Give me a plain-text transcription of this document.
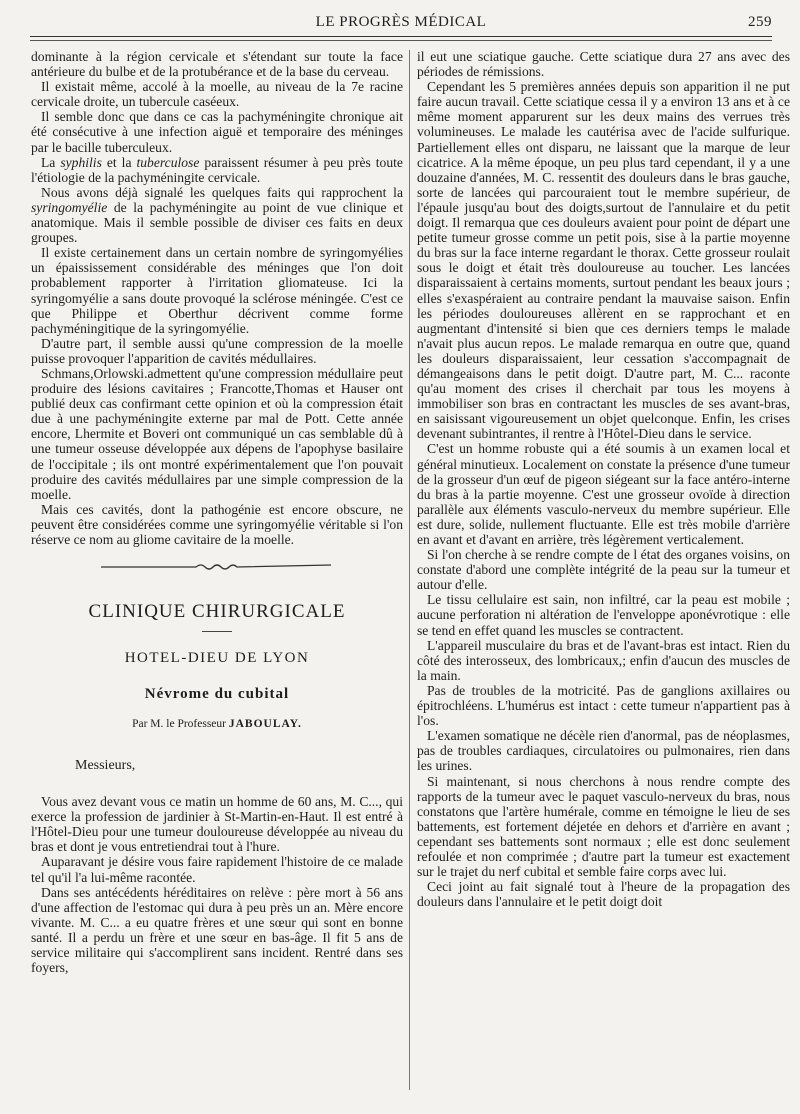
LE PROGRÈS MÉDICAL	259

dominante à la région cervicale et s'étendant sur toute la face antérieure du bulbe et de la protubérance et de la base du cerveau.

Il existait même, accolé à la moelle, au niveau de la 7e racine cervicale droite, un tubercule caséeux.

Il semble donc que dans ce cas la pachyméningite chronique ait été consécutive à une infection aiguë et temporaire des méninges par le bacille tuberculeux.

La syphilis et la tuberculose paraissent résumer à peu près toute l'étiologie de la pachyméningite cervicale.

Nous avons déjà signalé les quelques faits qui rapprochent la syringomyélie de la pachyméningite au point de vue clinique et anatomique. Mais il semble possible de diviser ces faits en deux groupes.

Il existe certainement dans un certain nombre de syringomyélies un épaississement considérable des méninges que l'on doit probablement rapporter à l'irritation gliomateuse. Ici la syringomyélie a sans doute provoqué la sclérose méningée. C'est ce que Philippe et Oberthur décrivent comme forme pachyméningitique de la syringomyélie.

D'autre part, il semble aussi qu'une compression de la moelle puisse provoquer l'apparition de cavités médullaires.

Schmans,Orlowski.admettent qu'une compression médullaire peut produire des lésions cavitaires ; Francotte,Thomas et Hauser ont publié deux cas confirmant cette opinion et où la compression était due à une pachyméningite externe par mal de Pott. Cette année encore, Lhermite et Boveri ont communiqué un cas semblable dû à une tumeur osseuse développée aux dépens de l'apophyse basilaire de l'occipitale ; ils ont montré expérimentalement que l'on pouvait produire des cavités médullaires par une simple compression de la moelle.

Mais ces cavités, dont la pathogénie est encore obscure, ne peuvent être considérées comme une syringomyélie véritable si l'on réserve ce nom au gliome cavitaire de la moelle.

CLINIQUE CHIRURGICALE
HOTEL-DIEU DE LYON
Névrome du cubital
Par M. le Professeur JABOULAY.
Messieurs,

Vous avez devant vous ce matin un homme de 60 ans, M. C..., qui exerce la profession de jardinier à St-Martin-en-Haut. Il est entré à l'Hôtel-Dieu pour une tumeur douloureuse développée au niveau du bras et dont je vous entretiendrai tout à l'hure.

Auparavant je désire vous faire rapidement l'histoire de ce malade tel qu'il l'a lui-même racontée.

Dans ses antécédents héréditaires on relève : père mort à 56 ans d'une affection de l'estomac qui dura à peu près un an. Mère encore vivante. M. C... a eu quatre frères et une sœur qui sont en bonne santé. Il a perdu un frère et une sœur en bas-âge. Il fit 5 ans de service militaire qui s'accomplirent sans incident. Rentré dans ses foyers,

il eut une sciatique gauche. Cette sciatique dura 27 ans avec des périodes de rémissions.

Cependant les 5 premières années depuis son apparition il ne put faire aucun travail. Cette sciatique cessa il y a environ 13 ans et à ce même moment apparurent sur les deux mains des verrues très volumineuses. Le malade les cautérisa avec de l'acide sulfurique. Partiellement elles ont disparu, ne laissant que la marque de leur cicatrice. A la même époque, un peu plus tard cependant, il y a une douzaine d'années, M. C. ressentit des douleurs dans le bras gauche, sorte de lancées qui parcouraient tout le membre supérieur, de l'épaule jusqu'au bout des doigts,surtout de l'annulaire et du petit doigt. Il remarqua que ces douleurs avaient pour point de départ une petite tumeur grosse comme un petit pois, sise à la partie moyenne du bras sur la face interne regardant le thorax. Cette grosseur roulait sous le doigt et était très douloureuse au toucher. Les lancées disparaissaient à certains moments, surtout pendant les beaux jours ; elles s'exaspéraient au contraire pendant la mauvaise saison. Enfin les périodes douloureuses allèrent en se rapprochant et en augmentant d'intensité si bien que ces derniers temps le malade n'avait plus aucun repos. Le malade remarqua en outre que, quand les douleurs disparaissaient, leur cessation s'accompagnait de démangeaisons dans le petit doigt. D'autre part, M. C... raconte qu'au moment des crises il cherchait par tous les moyens à immobiliser son bras en contractant les muscles de ses avant-bras, en saisissant vigoureusement un objet quelconque. Enfin, les crises devenant subintrantes, il rentre à l'Hôtel-Dieu dans le service.

C'est un homme robuste qui a été soumis à un examen local et général minutieux. Localement on constate la présence d'une tumeur de la grosseur d'un œuf de pigeon siégeant sur la face antéro-interne du bras à la partie moyenne. C'est une grosseur ovoïde à direction parallèle aux éléments vasculo-nerveux du membre supérieur. Elle est dure, solide, nullement fluctuante. Elle est très mobile d'arrière en avant et d'avant en arrière, très légèrement verticalement.

Si l'on cherche à se rendre compte de l état des organes voisins, on constate d'abord une complète intégrité de la peau sur la tumeur et autour d'elle.

Le tissu cellulaire est sain, non infiltré, car la peau est mobile ; aucune perforation ni altération de l'enveloppe aponévrotique : elle se tend en effet quand les muscles se contractent.

L'appareil musculaire du bras et de l'avant-bras est intact. Rien du côté des interosseux, des lombricaux,; enfin d'aucun des muscles de la main.

Pas de troubles de la motricité. Pas de ganglions axillaires ou épitrochléens. L'humérus est intact : cette tumeur n'appartient pas à l'os.

L'examen somatique ne décèle rien d'anormal, pas de néoplasmes, pas de troubles cardiaques, circulatoires ou pulmonaires, rien dans les urines.

Si maintenant, si nous cherchons à nous rendre compte des rapports de la tumeur avec le paquet vasculo-nerveux du bras, nous constatons que l'artère humérale, comme en témoigne le lieu de ses battements, est fortement déjetée en dehors et d'arrière en avant ; cependant ses battements sont normaux ; elle est donc seulement refoulée et non comprimée ; d'autre part la tumeur est exactement sur le trajet du nerf cubital et semble faire corps avec lui.

Ceci joint au fait signalé tout à l'heure de la propagation des douleurs dans l'annulaire et le petit doigt doit
